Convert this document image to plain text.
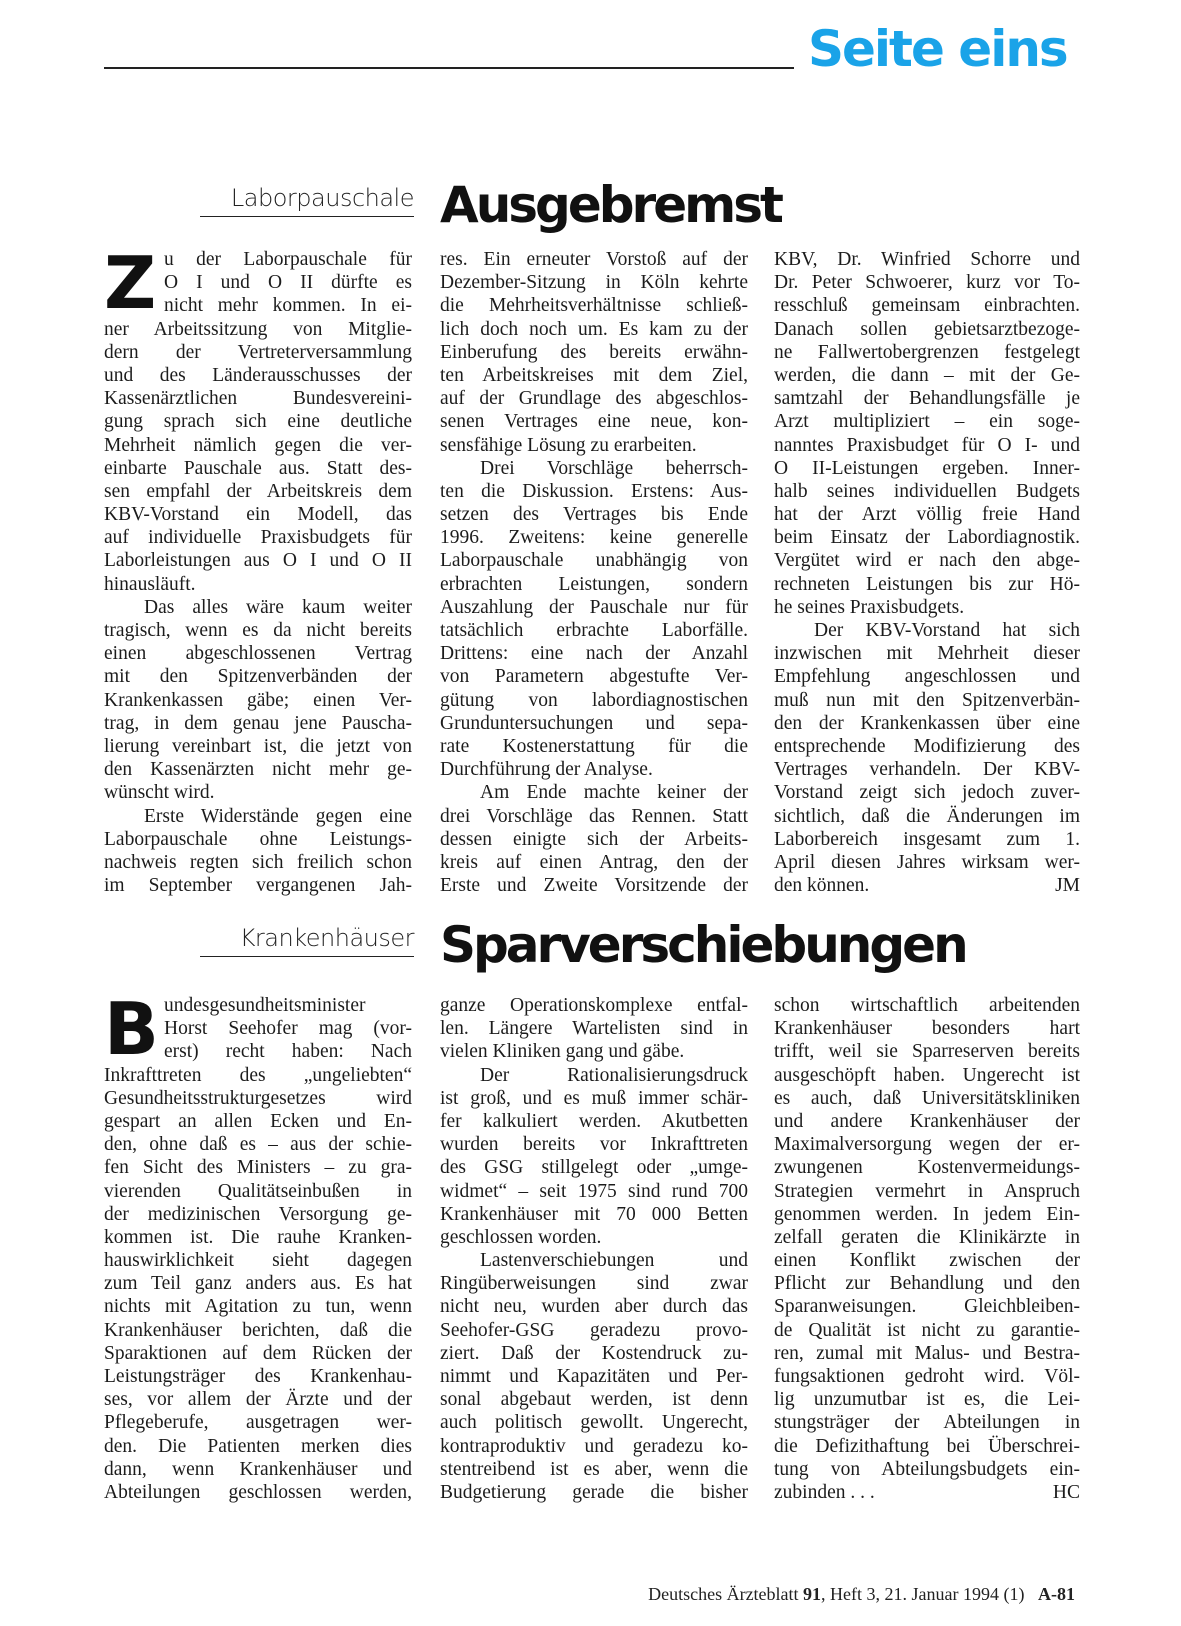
Seite eins
Laborpauschale Ausgebremst
Z u der Laborpauschale für
O I und O II dürfte es
nicht mehr kommen. In ei-
ner Arbeitssitzung von Mitglie-
dern der Vertreterversammlung
und des Länderausschusses der
Kassenärztlichen Bundesvereini-
gung sprach sich eine deutliche
Mehrheit nämlich gegen die ver-
einbarte Pauschale aus. Statt des-
sen empfahl der Arbeitskreis dem
KBV-Vorstand ein Modell, das
auf individuelle Praxisbudgets für
Laborleistungen aus O I und O II
hinausläuft.
Das alles wäre kaum weiter
tragisch, wenn es da nicht bereits
einen abgeschlossenen Vertrag
mit den Spitzenverbänden der
Krankenkassen gäbe; einen Ver-
trag, in dem genau jene Pauscha-
lierung vereinbart ist, die jetzt von
den Kassenärzten nicht mehr ge-
wünscht wird.
Erste Widerstände gegen eine
Laborpauschale ohne Leistungs-
nachweis regten sich freilich schon
im September vergangenen Jah-
res. Ein erneuter Vorstoß auf der
Dezember-Sitzung in Köln kehrte
die Mehrheitsverhältnisse schließ-
lich doch noch um. Es kam zu der
Einberufung des bereits erwähn-
ten Arbeitskreises mit dem Ziel,
auf der Grundlage des abgeschlos-
senen Vertrages eine neue, kon-
sensfähige Lösung zu erarbeiten.
Drei Vorschläge beherrsch-
ten die Diskussion. Erstens: Aus-
setzen des Vertrages bis Ende
1996. Zweitens: keine generelle
Laborpauschale unabhängig von
erbrachten Leistungen, sondern
Auszahlung der Pauschale nur für
tatsächlich erbrachte Laborfälle.
Drittens: eine nach der Anzahl
von Parametern abgestufte Ver-
gütung von labordiagnostischen
Grunduntersuchungen und sepa-
rate Kostenerstattung für die
Durchführung der Analyse.
Am Ende machte keiner der
drei Vorschläge das Rennen. Statt
dessen einigte sich der Arbeits-
kreis auf einen Antrag, den der
Erste und Zweite Vorsitzende der
KBV, Dr. Winfried Schorre und
Dr. Peter Schwoerer, kurz vor To-
resschluß gemeinsam einbrachten.
Danach sollen gebietsarztbezoge-
ne Fallwertobergrenzen festgelegt
werden, die dann – mit der Ge-
samtzahl der Behandlungsfälle je
Arzt multipliziert – ein soge-
nanntes Praxisbudget für O I- und
O II-Leistungen ergeben. Inner-
halb seines individuellen Budgets
hat der Arzt völlig freie Hand
beim Einsatz der Labordiagnostik.
Vergütet wird er nach den abge-
rechneten Leistungen bis zur Hö-
he seines Praxisbudgets.
Der KBV-Vorstand hat sich
inzwischen mit Mehrheit dieser
Empfehlung angeschlossen und
muß nun mit den Spitzenverbän-
den der Krankenkassen über eine
entsprechende Modifizierung des
Vertrages verhandeln. Der KBV-
Vorstand zeigt sich jedoch zuver-
sichtlich, daß die Änderungen im
Laborbereich insgesamt zum 1.
April diesen Jahres wirksam wer-
den können.	JM
Krankenhäuser Sparverschiebungen
B undesgesundheitsminister
Horst Seehofer mag (vor-
erst) recht haben: Nach
Inkrafttreten des „ungeliebten“
Gesundheitsstrukturgesetzes wird
gespart an allen Ecken und En-
den, ohne daß es – aus der schie-
fen Sicht des Ministers – zu gra-
vierenden Qualitätseinbußen in
der medizinischen Versorgung ge-
kommen ist. Die rauhe Kranken-
hauswirklichkeit sieht dagegen
zum Teil ganz anders aus. Es hat
nichts mit Agitation zu tun, wenn
Krankenhäuser berichten, daß die
Sparaktionen auf dem Rücken der
Leistungsträger des Krankenhau-
ses, vor allem der Ärzte und der
Pflegeberufe, ausgetragen wer-
den. Die Patienten merken dies
dann, wenn Krankenhäuser und
Abteilungen geschlossen werden,
ganze Operationskomplexe entfal-
len. Längere Wartelisten sind in
vielen Kliniken gang und gäbe.
Der Rationalisierungsdruck
ist groß, und es muß immer schär-
fer kalkuliert werden. Akutbetten
wurden bereits vor Inkrafttreten
des GSG stillgelegt oder „umge-
widmet“ – seit 1975 sind rund 700
Krankenhäuser mit 70 000 Betten
geschlossen worden.
Lastenverschiebungen und
Ringüberweisungen sind zwar
nicht neu, wurden aber durch das
Seehofer-GSG geradezu provo-
ziert. Daß der Kostendruck zu-
nimmt und Kapazitäten und Per-
sonal abgebaut werden, ist denn
auch politisch gewollt. Ungerecht,
kontraproduktiv und geradezu ko-
stentreibend ist es aber, wenn die
Budgetierung gerade die bisher
schon wirtschaftlich arbeitenden
Krankenhäuser besonders hart
trifft, weil sie Sparreserven bereits
ausgeschöpft haben. Ungerecht ist
es auch, daß Universitätskliniken
und andere Krankenhäuser der
Maximalversorgung wegen der er-
zwungenen Kostenvermeidungs-
Strategien vermehrt in Anspruch
genommen werden. In jedem Ein-
zelfall geraten die Klinikärzte in
einen Konflikt zwischen der
Pflicht zur Behandlung und den
Sparanweisungen. Gleichbleiben-
de Qualität ist nicht zu garantie-
ren, zumal mit Malus- und Bestra-
fungsaktionen gedroht wird. Völ-
lig unzumutbar ist es, die Lei-
stungsträger der Abteilungen in
die Defizithaftung bei Überschrei-
tung von Abteilungsbudgets ein-
zubinden . . .	HC
Deutsches Ärzteblatt 91, Heft 3, 21. Januar 1994 (1) A-81
